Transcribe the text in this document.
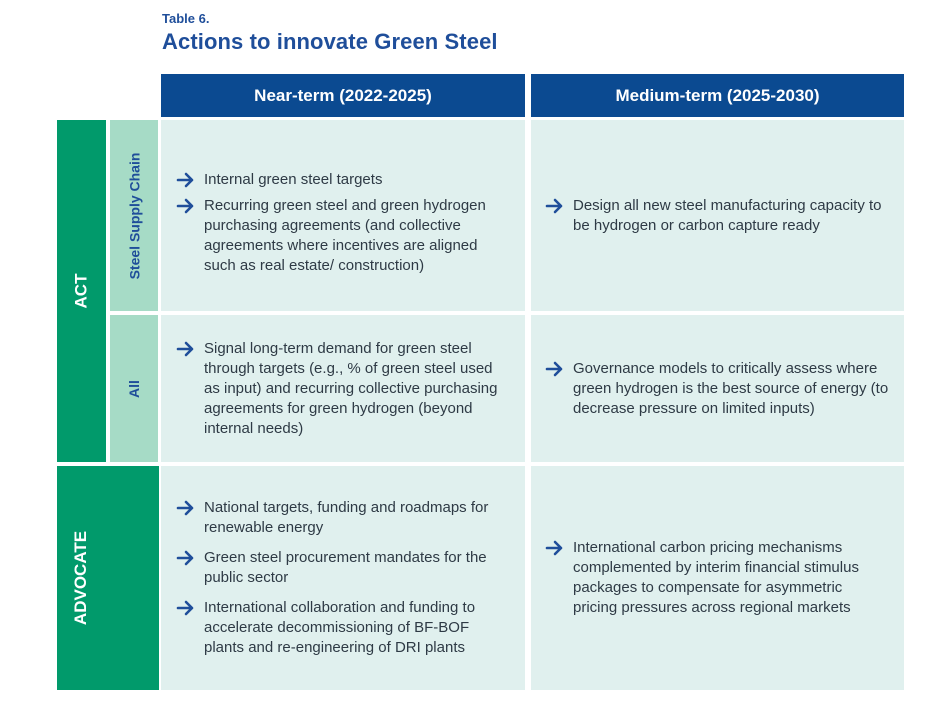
Table 6.
Actions to innovate Green Steel
Near-term (2022-2025)	Medium-term (2025-2030)
ACT
ADVOCATE
Steel Supply Chain
All
Internal green steel targets
Recurring green steel and green hydrogen purchasing agreements (and collective agreements where incentives are aligned such as real estate/ construction)
Design all new steel manufacturing capacity to be hydrogen or carbon capture ready
Signal long-term demand for green steel through targets (e.g., % of green steel used as input) and recurring collective purchasing agreements for green hydrogen (beyond internal needs)
Governance models to critically assess where green hydrogen is the best source of energy (to decrease pressure on limited inputs)
National targets, funding and roadmaps for renewable energy
Green steel procurement mandates for the public sector
International collaboration and funding to accelerate decommissioning of BF-BOF plants and re-engineering of DRI plants
International carbon pricing mechanisms complemented by interim financial stimulus packages to compensate for asymmetric pricing pressures across regional markets
